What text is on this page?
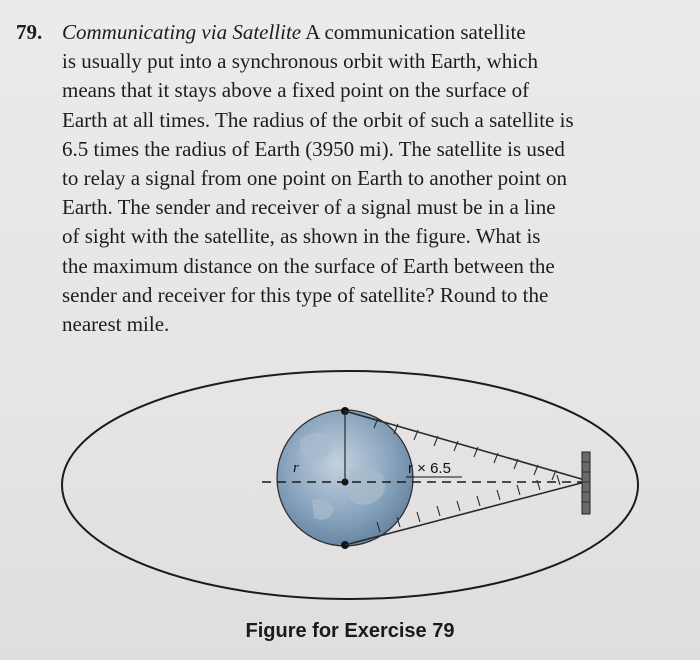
79. Communicating via Satellite A communication satellite
is usually put into a synchronous orbit with Earth, which
means that it stays above a fixed point on the surface of
Earth at all times. The radius of the orbit of such a satellite is
6.5 times the radius of Earth (3950 mi). The satellite is used
to relay a signal from one point on Earth to another point on
Earth. The sender and receiver of a signal must be in a line
of sight with the satellite, as shown in the figure. What is
the maximum distance on the surface of Earth between the
sender and receiver for this type of satellite? Round to the
nearest mile.
r	r × 6.5
Figure for Exercise 79
